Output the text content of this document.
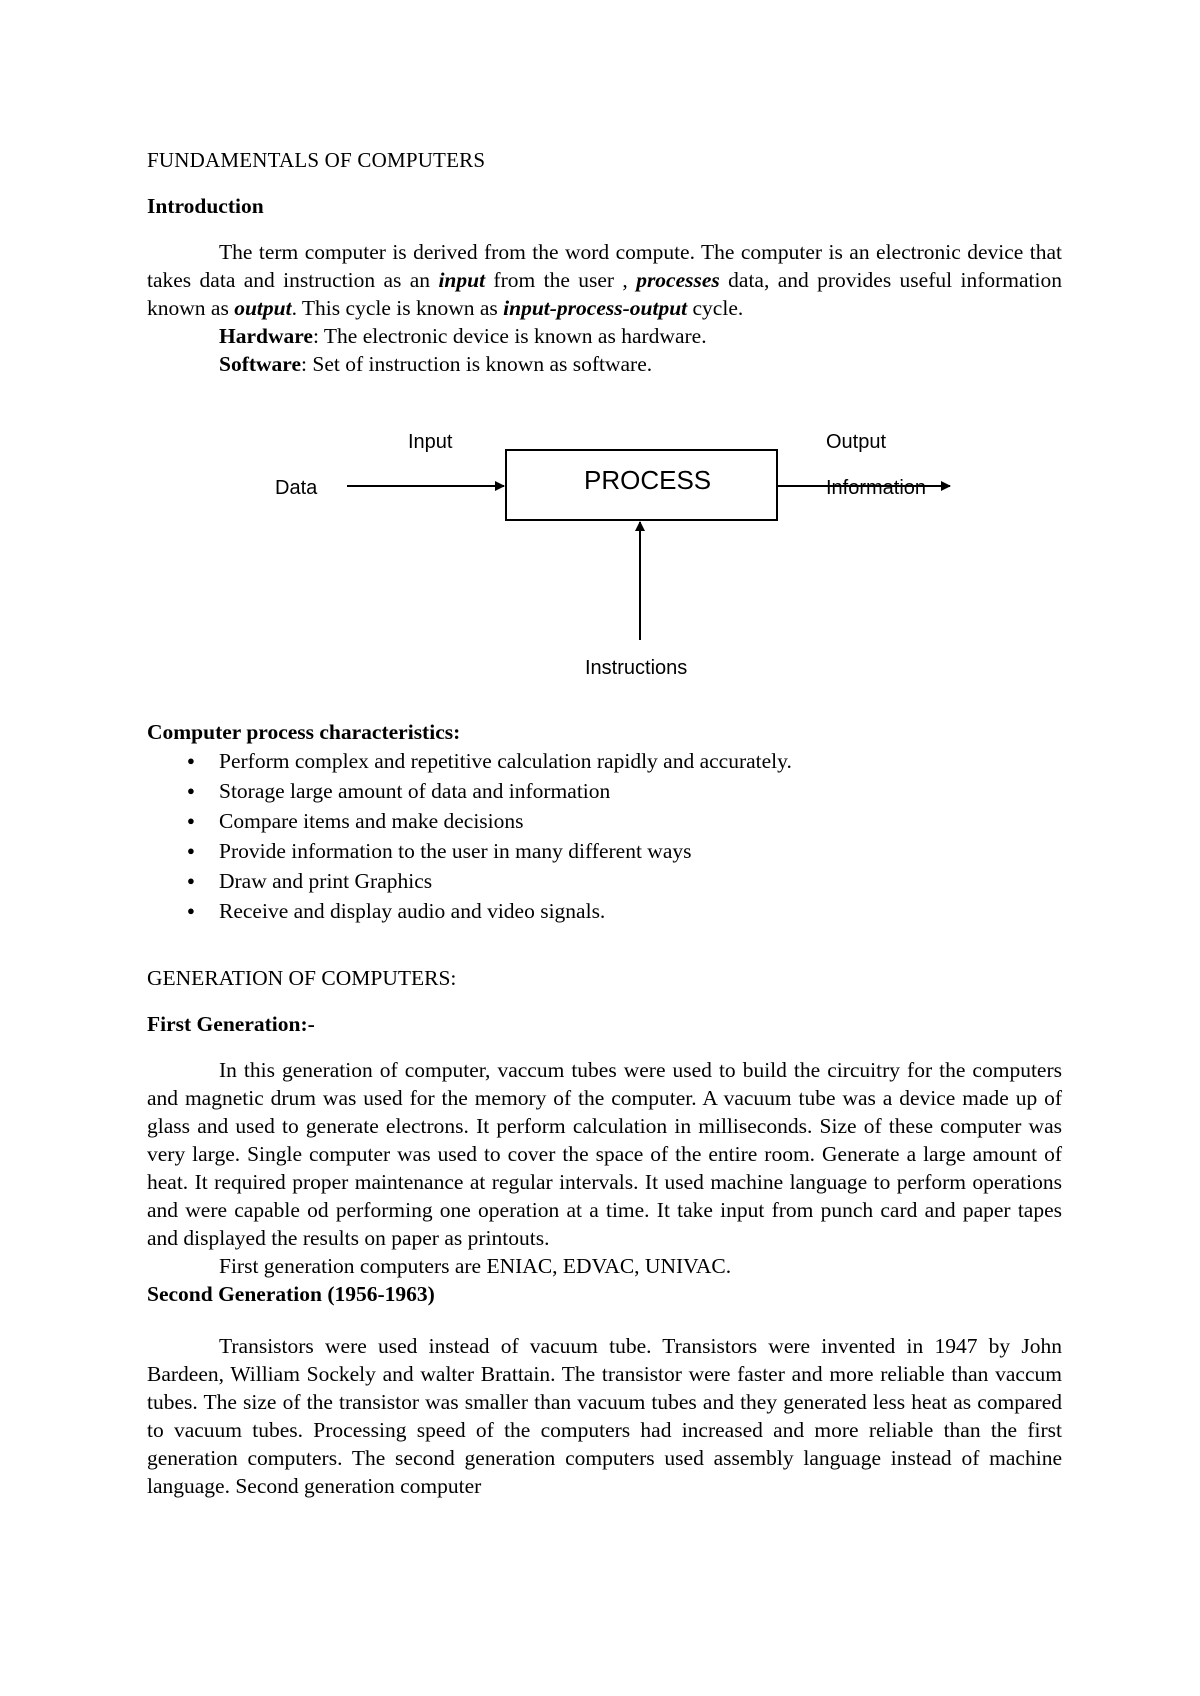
FUNDAMENTALS OF COMPUTERS
Introduction

The term computer is derived from the word compute. The computer is an electronic device that takes data and instruction as an input from the user , processes data, and provides useful information known as output. This cycle is known as input-process-output cycle.

Hardware: The electronic device is known as hardware.

Software: Set of instruction is known as software.

Input
Data	PROCESS
Output
Information
Instructions
Computer process characteristics:
● Perform complex and repetitive calculation rapidly and accurately.
● Storage large amount of data and information
● Compare items and make decisions
● Provide information to the user in many different ways
● Draw and print Graphics
● Receive and display audio and video signals.
GENERATION OF COMPUTERS:
First Generation:-

In this generation of computer, vaccum tubes were used to build the circuitry for the computers and magnetic drum was used for the memory of the computer. A vacuum tube was a device made up of glass and used to generate electrons. It perform calculation in milliseconds. Size of these computer was very large. Single computer was used to cover the space of the entire room. Generate a large amount of heat. It required proper maintenance at regular intervals. It used machine language to perform operations and were capable od performing one operation at a time. It take input from punch card and paper tapes and displayed the results on paper as printouts.

First generation computers are ENIAC, EDVAC, UNIVAC.

Second Generation (1956-1963)

Transistors were used instead of vacuum tube. Transistors were invented in 1947 by John Bardeen, William Sockely and walter Brattain. The transistor were faster and more reliable than vaccum tubes. The size of the transistor was smaller than vacuum tubes and they generated less heat as compared to vacuum tubes. Processing speed of the computers had increased and more reliable than the first generation computers. The second generation computers used assembly language instead of machine language. Second generation computer
